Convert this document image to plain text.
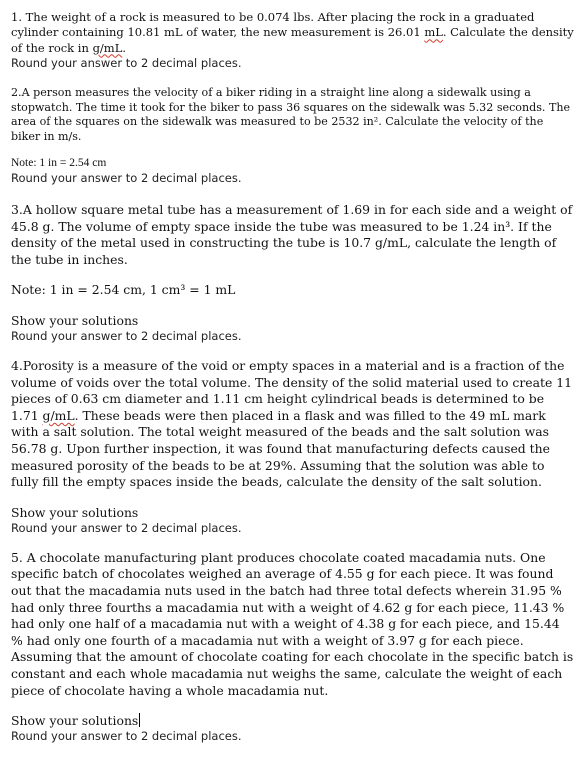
1. The weight of a rock is measured to be 0.074 lbs. After placing the rock in a graduated cylinder containing 10.81 mL of water, the new measurement is 26.01 mL. Calculate the density of the rock in g/mL.

Round your answer to 2 decimal places.

2.A person measures the velocity of a biker riding in a straight line along a sidewalk using a stopwatch. The time it took for the biker to pass 36 squares on the sidewalk was 5.32 seconds. The area of the squares on the sidewalk was measured to be 2532 in². Calculate the velocity of the biker in m/s.

Note: 1 in = 2.54 cm

Round your answer to 2 decimal places.

3.A hollow square metal tube has a measurement of 1.69 in for each side and a weight of 45.8 g. The volume of empty space inside the tube was measured to be 1.24 in³. If the density of the metal used in constructing the tube is 10.7 g/mL, calculate the length of the tube in inches.

Note: 1 in = 2.54 cm, 1 cm³ = 1 mL

Show your solutions

Round your answer to 2 decimal places.

4.Porosity is a measure of the void or empty spaces in a material and is a fraction of the volume of voids over the total volume. The density of the solid material used to create 11 pieces of 0.63 cm diameter and 1.11 cm height cylindrical beads is determined to be 1.71 g/mL. These beads were then placed in a flask and was filled to the 49 mL mark with a salt solution. The total weight measured of the beads and the salt solution was 56.78 g. Upon further inspection, it was found that manufacturing defects caused the measured porosity of the beads to be at 29%. Assuming that the solution was able to fully fill the empty spaces inside the beads, calculate the density of the salt solution.

Show your solutions

Round your answer to 2 decimal places.

5. A chocolate manufacturing plant produces chocolate coated macadamia nuts. One specific batch of chocolates weighed an average of 4.55 g for each piece. It was found out that the macadamia nuts used in the batch had three total defects wherein 31.95 % had only three fourths a macadamia nut with a weight of 4.62 g for each piece, 11.43 % had only one half of a macadamia nut with a weight of 4.38 g for each piece, and 15.44 % had only one fourth of a macadamia nut with a weight of 3.97 g for each piece. Assuming that the amount of chocolate coating for each chocolate in the specific batch is constant and each whole macadamia nut weighs the same, calculate the weight of each piece of chocolate having a whole macadamia nut.

Show your solutions

Round your answer to 2 decimal places.
